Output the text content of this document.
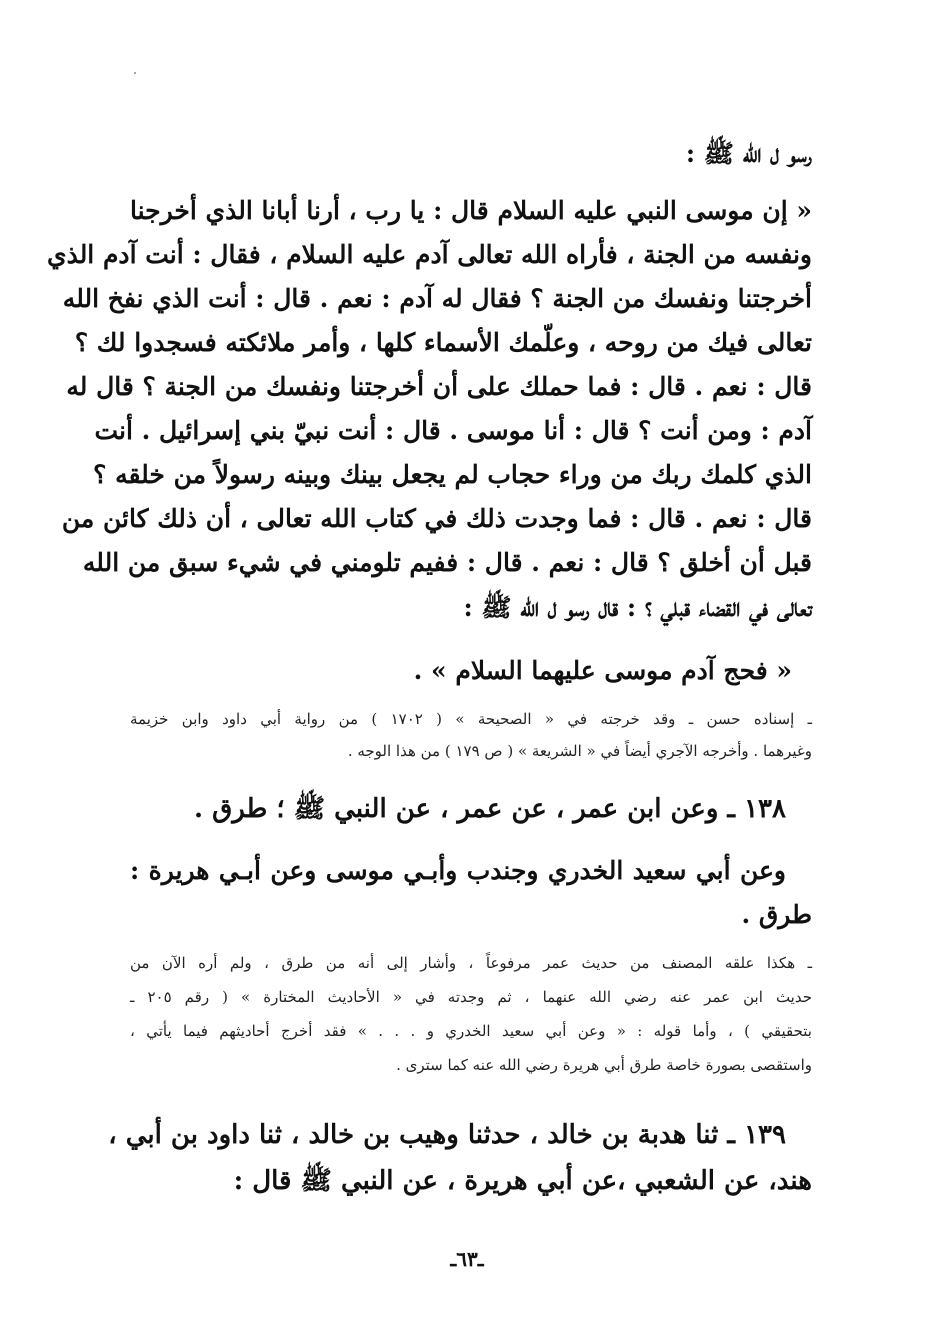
رسو ل الله ﷺ :
« إن موسى النبي عليه السلام قال : يا رب ، أرنا أبانا الذي أخرجنا
ونفسه من الجنة ، فأراه الله تعالى آدم عليه السلام ، فقال : أنت آدم الذي
أخرجتنا ونفسك من الجنة ؟ فقال له آدم : نعم . قال : أنت الذي نفخ الله
تعالى فيك من روحه ، وعلّمك الأسماء كلها ، وأمر ملائكته فسجدوا لك ؟
قال : نعم . قال : فما حملك على أن أخرجتنا ونفسك من الجنة ؟ قال له
آدم : ومن أنت ؟ قال : أنا موسى . قال : أنت نبيّ بني إسرائيل . أنت
الذي كلمك ربك من وراء حجاب لم يجعل بينك وبينه رسولاً من خلقه ؟
قال : نعم . قال : فما وجدت ذلك في كتاب الله تعالى ، أن ذلك كائن من
قبل أن أخلق ؟ قال : نعم . قال : ففيم تلومني في شيء سبق من الله
تعالى في القضاء قبلي ؟ : قال رسو ل الله ﷺ :
« فحج آدم موسى عليهما السلام » .
ـ إسناده حسن ـ وقد خرجته في « الصحيحة » ( ١٧٠٢ ) من رواية أبي داود وابن خزيمة
وغيرهما . وأخرجه الآجري أيضاً في « الشريعة » ( ص ١٧٩ ) من هذا الوجه .
١٣٨ ـ وعن ابن عمر ، عن عمر ، عن النبي ﷺ ؛ طرق .
وعن أبي سعيد الخدري وجندب وأبـي موسى وعن أبـي هريرة :
طرق .
ـ هكذا علقه المصنف من حديث عمر مرفوعاً ، وأشار إلى أنه من طرق ، ولم أره الآن من
حديث ابن عمر عنه رضي الله عنهما ، ثم وجدته في « الأحاديث المختارة » ( رقم ٢٠٥ ـ
بتحقيقي ) ، وأما قوله : « وعن أبي سعيد الخدري و . . . » فقد أخرج أحاديثهم فيما يأتي ،
واستقصى بصورة خاصة طرق أبي هريرة رضي الله عنه كما سترى .
١٣٩ ـ ثنا هدبة بن خالد ، حدثنا وهيب بن خالد ، ثنا داود بن أبي ،
هند، عن الشعبي ،عن أبي هريرة ، عن النبي ﷺ قال :
ـ٦٣ـ
